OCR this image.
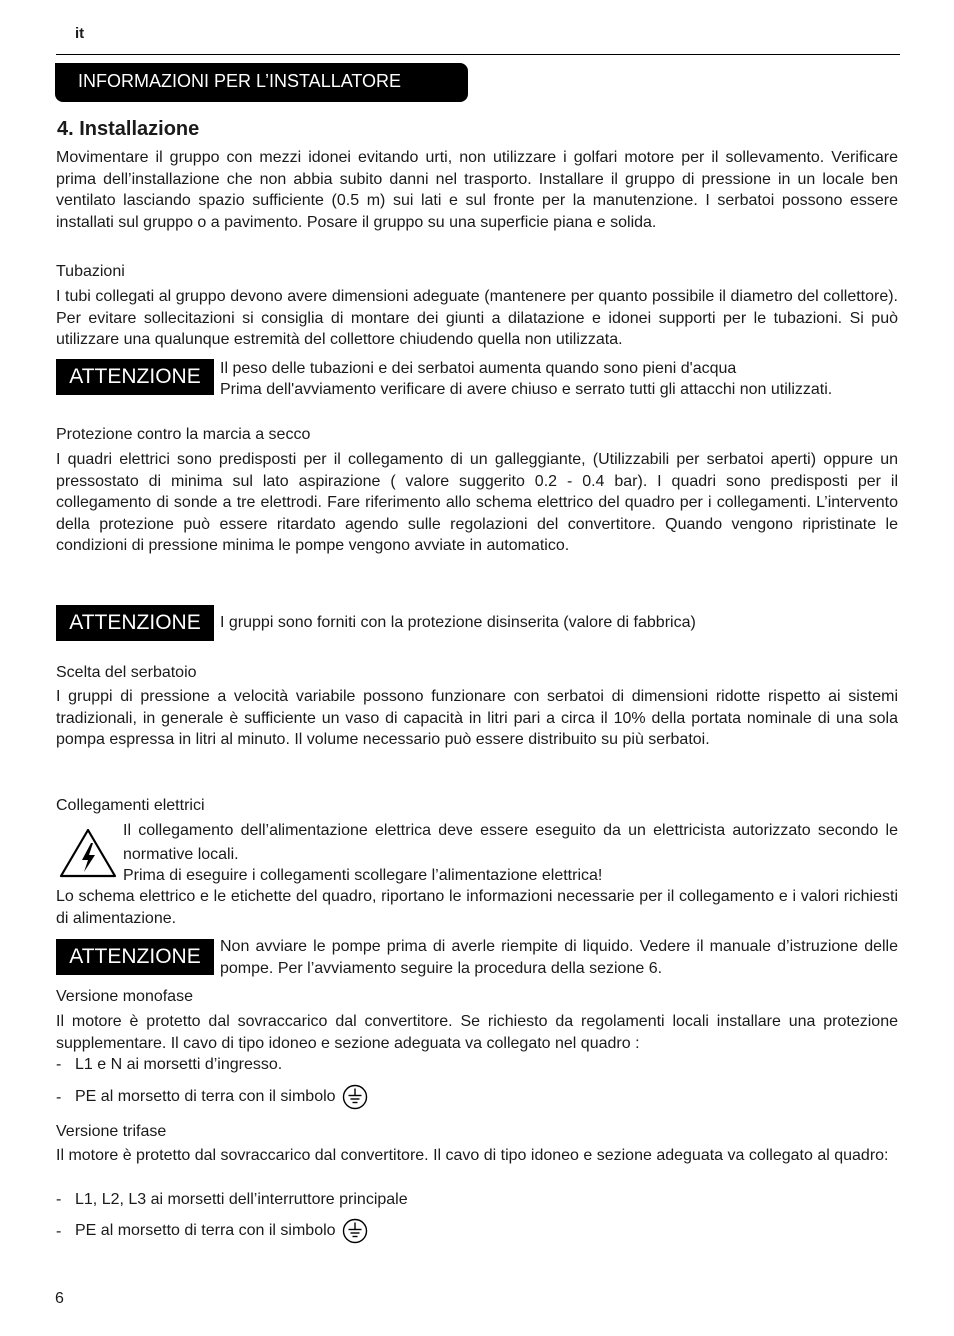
it
INFORMAZIONI PER L’INSTALLATORE
4. Installazione
Movimentare il gruppo con mezzi idonei evitando urti, non utilizzare i golfari motore per il sollevamento. Verificare prima dell’installazione che non abbia subito danni nel trasporto. Installare il gruppo di pressione in un locale ben ventilato lasciando spazio sufficiente (0.5 m) sui lati e sul fronte per la manutenzione. I serbatoi possono essere installati sul gruppo o a pavimento. Posare il gruppo su una superficie piana e solida.
Tubazioni
I tubi collegati al gruppo devono avere dimensioni adeguate (mantenere per quanto possibile il diametro del collettore). Per evitare sollecitazioni si consiglia di montare dei giunti a dilatazione e idonei supporti per le tubazioni. Si può utilizzare una qualunque estremità del collettore chiudendo quella non utilizzata.
ATTENZIONE	Il peso delle tubazioni e dei serbatoi aumenta quando sono pieni d'acqua
Prima dell'avviamento verificare di avere chiuso e serrato tutti gli attacchi non utilizzati.
Protezione contro la marcia a secco
I quadri elettrici sono predisposti per il collegamento di un galleggiante, (Utilizzabili per serbatoi aperti) oppure un pressostato di minima sul lato aspirazione ( valore suggerito 0.2 - 0.4 bar). I quadri sono predisposti per il collegamento di sonde a tre elettrodi. Fare riferimento allo schema elettrico del quadro per i collegamenti. L’intervento della protezione può essere ritardato agendo sulle regolazioni del convertitore. Quando vengono ripristinate le condizioni di pressione minima le pompe vengono avviate in automatico.
ATTENZIONE	I gruppi sono forniti con la protezione disinserita (valore di fabbrica)
Scelta del serbatoio
I gruppi di pressione a velocità variabile possono funzionare con serbatoi di dimensioni ridotte rispetto ai sistemi tradizionali, in generale è sufficiente un vaso di capacità in litri pari a circa il 10% della portata nominale di una sola pompa espressa in litri al minuto. Il volume necessario può essere distribuito su più serbatoi.
Collegamenti elettrici
Il collegamento dell’alimentazione elettrica deve essere eseguito da un elettricista autorizzato secondo le normative locali.
Prima di eseguire i collegamenti scollegare l’alimentazione elettrica!
Lo schema elettrico e le etichette del quadro, riportano le informazioni necessarie per il collegamento e i valori richiesti di alimentazione.
ATTENZIONE	Non avviare le pompe prima di averle riempite di liquido. Vedere il manuale d’istruzione delle pompe. Per l’avviamento seguire la procedura della sezione 6.
Versione monofase
Il motore è protetto dal sovraccarico dal convertitore. Se richiesto da regolamenti locali installare una protezione supplementare. Il cavo di tipo idoneo e sezione adeguata va collegato nel quadro :
- L1 e N ai morsetti d’ingresso.
- PE al morsetto di terra con il simbolo
Versione trifase
Il motore è protetto dal sovraccarico dal convertitore. Il cavo di tipo idoneo e sezione adeguata va collegato al quadro:
- L1, L2, L3 ai morsetti dell’interruttore principale
- PE al morsetto di terra con il simbolo
6
